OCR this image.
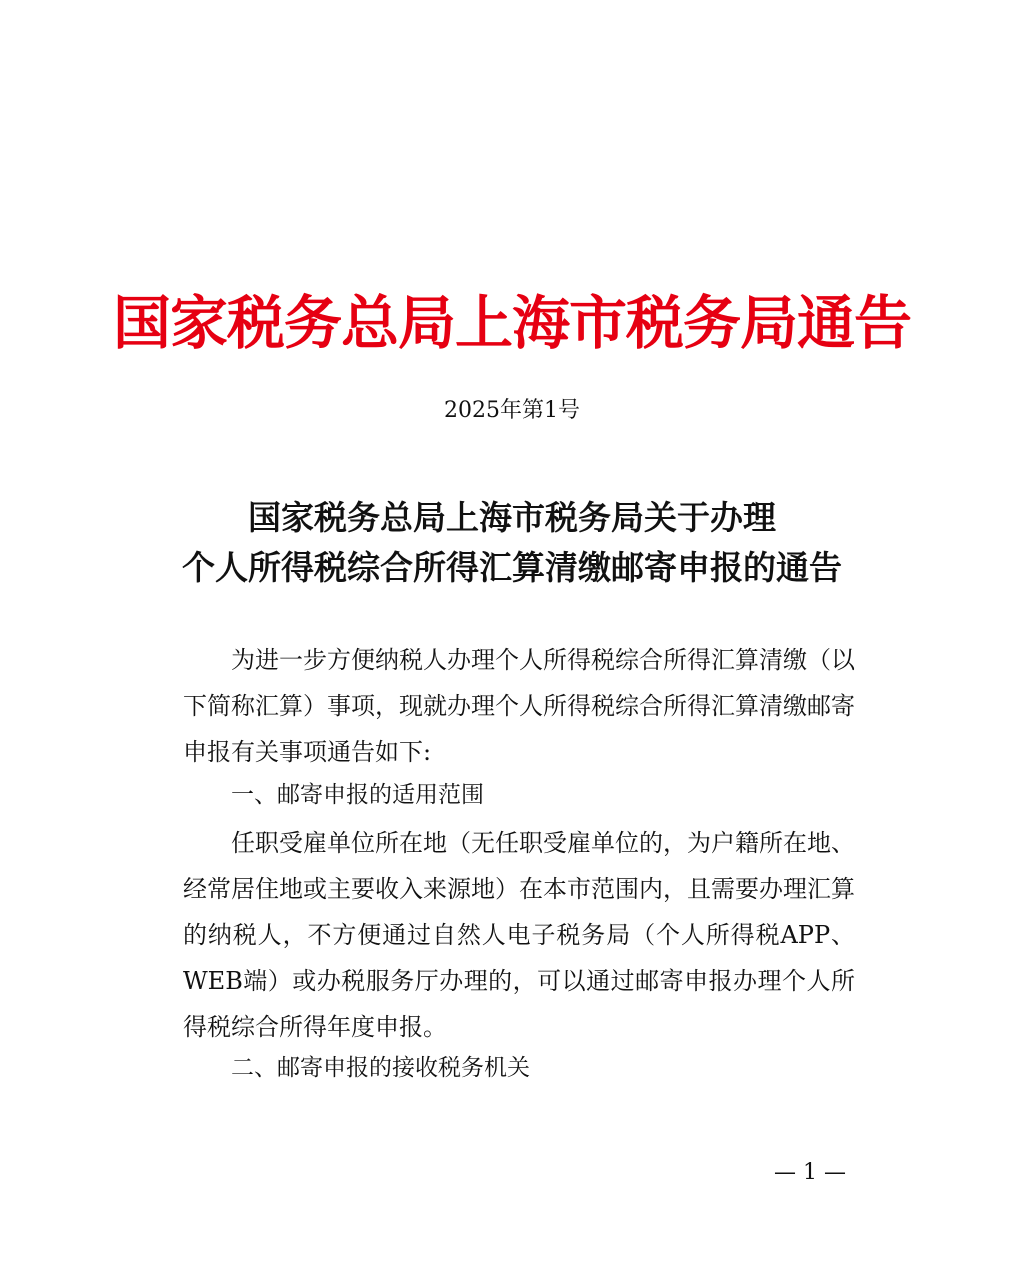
国家税务总局上海市税务局通告
2025年第1号
国家税务总局上海市税务局关于办理
个人所得税综合所得汇算清缴邮寄申报的通告
为进一步方便纳税人办理个人所得税综合所得汇算清缴（以下简称汇算）事项，现就办理个人所得税综合所得汇算清缴邮寄申报有关事项通告如下:
一、邮寄申报的适用范围
任职受雇单位所在地（无任职受雇单位的，为户籍所在地、经常居住地或主要收入来源地）在本市范围内，且需要办理汇算的纳税人，不方便通过自然人电子税务局（个人所得税APP、WEB端）或办税服务厅办理的，可以通过邮寄申报办理个人所得税综合所得年度申报。
二、邮寄申报的接收税务机关
— 1 —
